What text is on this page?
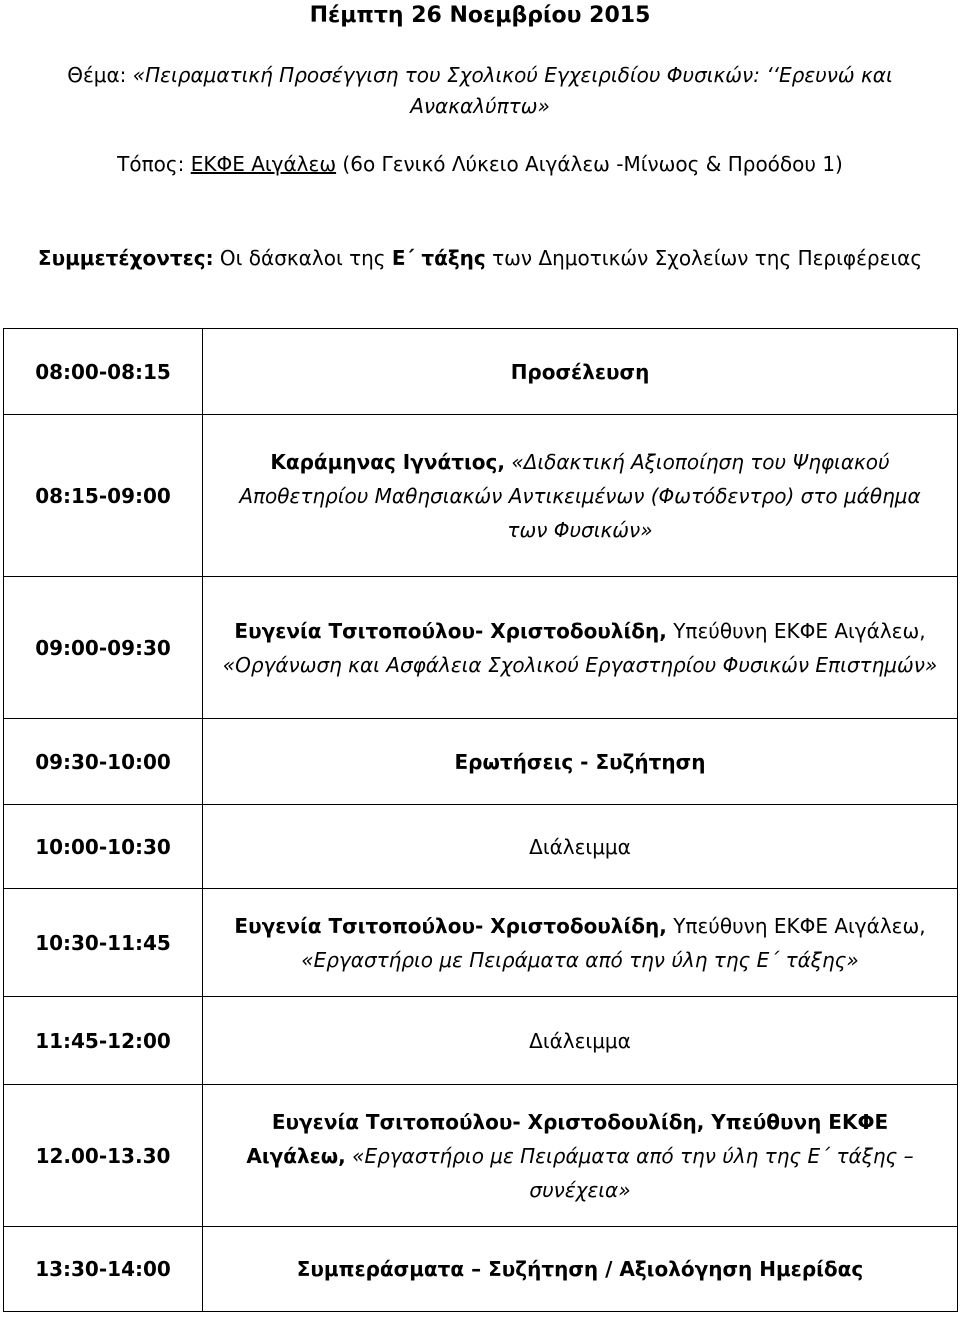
Πέμπτη 26 Νοεμβρίου 2015
Θέμα: «Πειραματική Προσέγγιση του Σχολικού Εγχειριδίου Φυσικών: ‘‘Ερευνώ και Ανακαλύπτω»
Τόπος: ΕΚΦΕ Αιγάλεω (6ο Γενικό Λύκειο Αιγάλεω -Μίνωος & Προόδου 1)
Συμμετέχοντες: Οι δάσκαλοι της Ε΄ τάξης των Δημοτικών Σχολείων της Περιφέρειας
08:00-08:15	Προσέλευση
08:15-09:00	Καράμηνας Ιγνάτιος, «Διδακτική Αξιοποίηση του Ψηφιακού Αποθετηρίου Μαθησιακών Αντικειμένων (Φωτόδεντρο) στο μάθημα των Φυσικών»
09:00-09:30	Ευγενία Τσιτοπούλου- Χριστοδουλίδη, Υπεύθυνη ΕΚΦΕ Αιγάλεω,
«Οργάνωση και Ασφάλεια Σχολικού Εργαστηρίου Φυσικών Επιστημών»
09:30-10:00	Ερωτήσεις - Συζήτηση
10:00-10:30	Διάλειμμα
10:30-11:45	Ευγενία Τσιτοπούλου- Χριστοδουλίδη, Υπεύθυνη ΕΚΦΕ Αιγάλεω,
«Εργαστήριο με Πειράματα από την ύλη της Ε΄ τάξης»
11:45-12:00	Διάλειμμα
12.00-13.30	Ευγενία Τσιτοπούλου- Χριστοδουλίδη, Υπεύθυνη ΕΚΦΕ Αιγάλεω, «Εργαστήριο με Πειράματα από την ύλη της Ε΄ τάξης – συνέχεια»
13:30-14:00	Συμπεράσματα – Συζήτηση / Αξιολόγηση Ημερίδας
